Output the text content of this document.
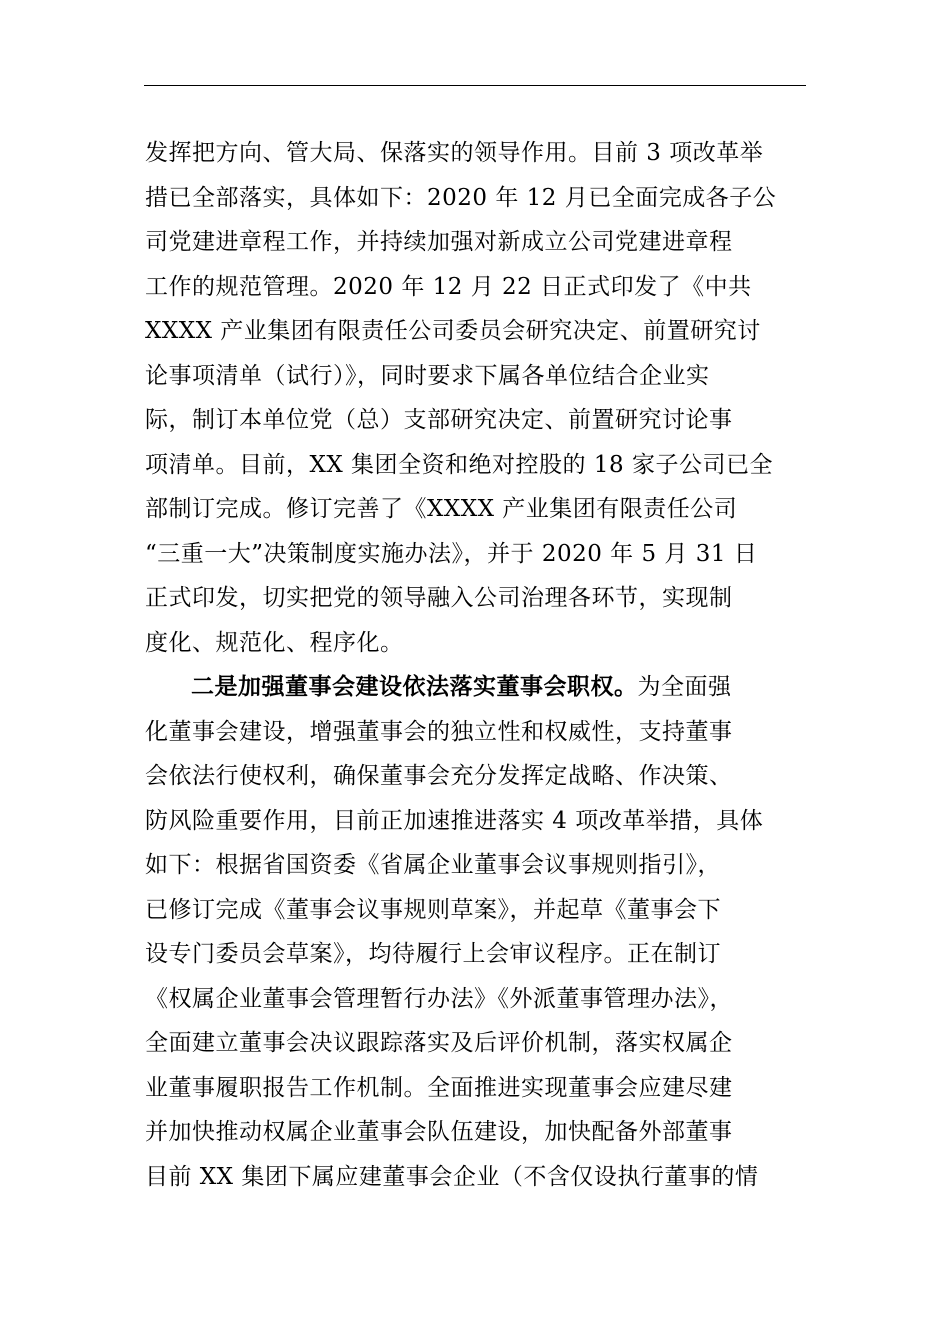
发挥把方向、管大局、保落实的领导作用。目前 3 项改革举
措已全部落实，具体如下：2020 年 12 月已全面完成各子公
司党建进章程工作，并持续加强对新成立公司党建进章程
工作的规范管理。2020 年 12 月 22 日正式印发了《中共
XXXX 产业集团有限责任公司委员会研究决定、前置研究讨
论事项清单（试行）》，同时要求下属各单位结合企业实
际，制订本单位党（总）支部研究决定、前置研究讨论事
项清单。目前，XX 集团全资和绝对控股的 18 家子公司已全
部制订完成。修订完善了《XXXX 产业集团有限责任公司
“三重一大”决策制度实施办法》，并于 2020 年 5 月 31 日
正式印发，切实把党的领导融入公司治理各环节，实现制
度化、规范化、程序化。
二是加强董事会建设依法落实董事会职权。为全面强
化董事会建设，增强董事会的独立性和权威性，支持董事
会依法行使权利，确保董事会充分发挥定战略、作决策、
防风险重要作用，目前正加速推进落实 4 项改革举措，具体
如下：根据省国资委《省属企业董事会议事规则指引》，
已修订完成《董事会议事规则草案》，并起草《董事会下
设专门委员会草案》，均待履行上会审议程序。正在制订
《权属企业董事会管理暂行办法》《外派董事管理办法》，
全面建立董事会决议跟踪落实及后评价机制，落实权属企
业董事履职报告工作机制。全面推进实现董事会应建尽建
并加快推动权属企业董事会队伍建设，加快配备外部董事
目前 XX 集团下属应建董事会企业（不含仅设执行董事的情
